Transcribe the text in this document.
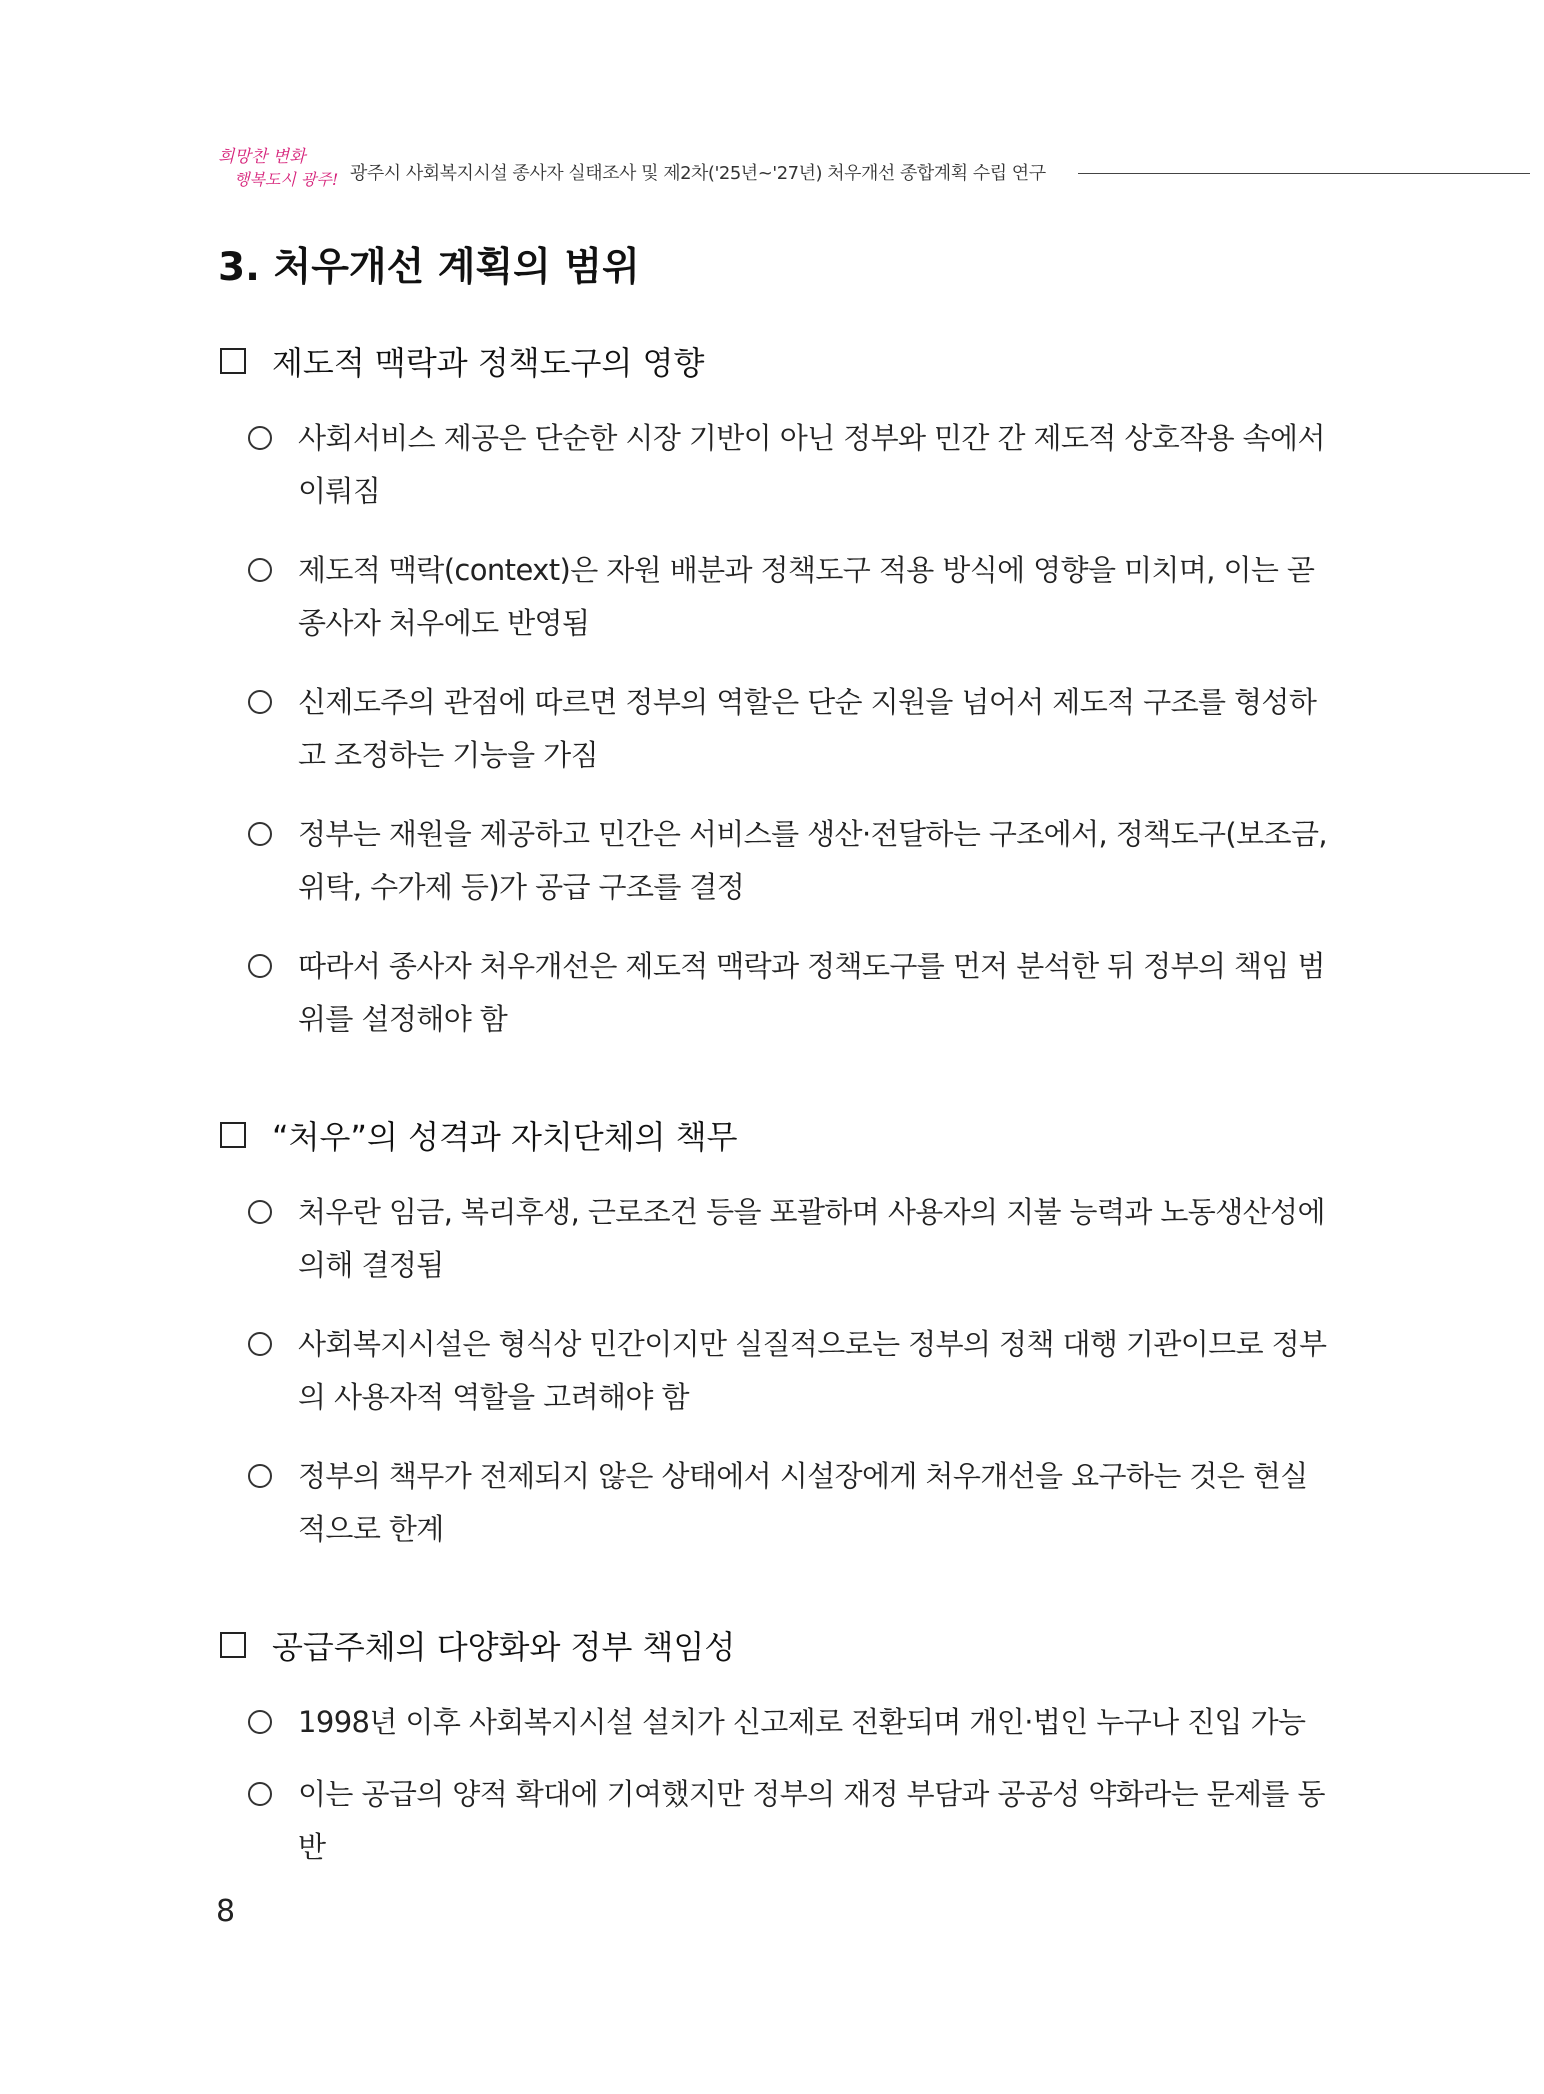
희망찬 변화
행복도시 광주! 광주시 사회복지시설 종사자 실태조사 및 제2차('25년~'27년) 처우개선 종합계획 수립 연구
3. 처우개선 계획의 범위
제도적 맥락과 정책도구의 영향
사회서비스 제공은 단순한 시장 기반이 아닌 정부와 민간 간 제도적 상호작용 속에서 이뤄짐
제도적 맥락(context)은 자원 배분과 정책도구 적용 방식에 영향을 미치며, 이는 곧 종사자 처우에도 반영됨
신제도주의 관점에 따르면 정부의 역할은 단순 지원을 넘어서 제도적 구조를 형성하고 조정하는 기능을 가짐
정부는 재원을 제공하고 민간은 서비스를 생산·전달하는 구조에서, 정책도구(보조금, 위탁, 수가제 등)가 공급 구조를 결정
따라서 종사자 처우개선은 제도적 맥락과 정책도구를 먼저 분석한 뒤 정부의 책임 범위를 설정해야 함
“처우”의 성격과 자치단체의 책무
처우란 임금, 복리후생, 근로조건 등을 포괄하며 사용자의 지불 능력과 노동생산성에 의해 결정됨
사회복지시설은 형식상 민간이지만 실질적으로는 정부의 정책 대행 기관이므로 정부의 사용자적 역할을 고려해야 함
정부의 책무가 전제되지 않은 상태에서 시설장에게 처우개선을 요구하는 것은 현실적으로 한계
공급주체의 다양화와 정부 책임성
1998년 이후 사회복지시설 설치가 신고제로 전환되며 개인·법인 누구나 진입 가능
이는 공급의 양적 확대에 기여했지만 정부의 재정 부담과 공공성 약화라는 문제를 동반
8
